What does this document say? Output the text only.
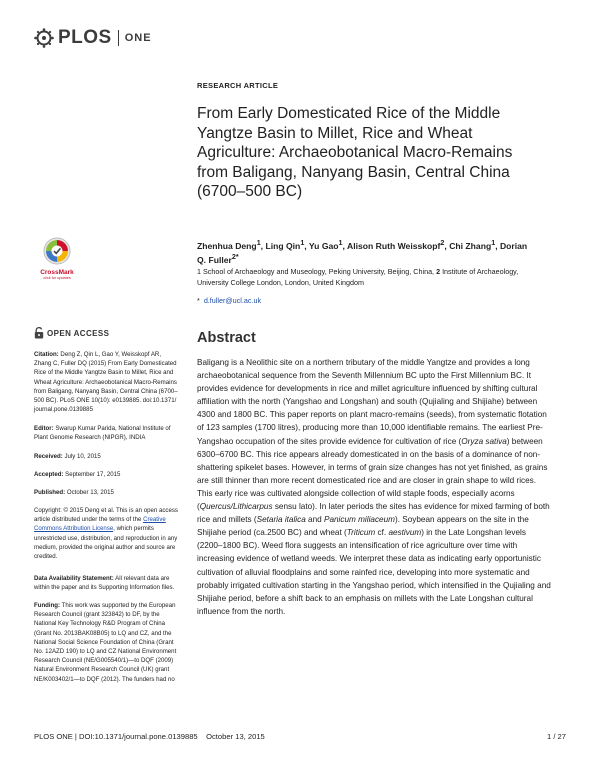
PLOS ONE
RESEARCH ARTICLE
From Early Domesticated Rice of the Middle Yangtze Basin to Millet, Rice and Wheat Agriculture: Archaeobotanical Macro-Remains from Baligang, Nanyang Basin, Central China (6700–500 BC)
Zhenhua Deng$^1$, Ling Qin$^1$, Yu Gao$^1$, Alison Ruth Weisskopf$^2$, Chi Zhang$^1$, Dorian Q. Fuller$^{2*}$
1 School of Archaeology and Museology, Peking University, Beijing, China, 2 Institute of Archaeology, University College London, London, United Kingdom
* d.fuller@ucl.ac.uk
CrossMark
click for updates
OPEN ACCESS
Citation: Deng Z, Qin L, Gao Y, Weisskopf AR, Zhang C, Fuller DQ (2015) From Early Domesticated Rice of the Middle Yangtze Basin to Millet, Rice and Wheat Agriculture: Archaeobotanical Macro-Remains from Baligang, Nanyang Basin, Central China (6700–500 BC). PLoS ONE 10(10): e0139885. doi:10.1371/ journal.pone.0139885
Editor: Swarup Kumar Parida, National Institute of Plant Genome Research (NIPGR), INDIA
Received: July 10, 2015
Accepted: September 17, 2015
Published: October 13, 2015
Copyright: © 2015 Deng et al. This is an open access article distributed under the terms of the Creative Commons Attribution License, which permits unrestricted use, distribution, and reproduction in any medium, provided the original author and source are credited.
Data Availability Statement: All relevant data are within the paper and its Supporting Information files.
Funding: This work was supported by the European Research Council (grant 323842) to DF, by the National Key Technology R&D Program of China (Grant No. 2013BAK08B05) to LQ and CZ, and the National Social Science Foundation of China (Grant No. 12AZD 190) to LQ and CZ National Environment Research Council (NE/G005540/1)—to DQF (2009) Natural Environment Research Council (UK) grant NE/K003402/1—to DQF (2012). The funders had no
Abstract

Baligang is a Neolithic site on a northern tributary of the middle Yangtze and provides a long archaeobotanical sequence from the Seventh Millennium BC upto the First Millennium BC. It provides evidence for developments in rice and millet agriculture influenced by shifting cultural affiliation with the north (Yangshao and Longshan) and south (Qujialing and Shijiahe) between 4300 and 1800 BC. This paper reports on plant macro-remains (seeds), from systematic flotation of 123 samples (1700 litres), producing more than 10,000 identifiable remains. The earliest Pre-Yangshao occupation of the sites provide evidence for cultivation of rice (Oryza sativa) between 6300–6700 BC. This rice appears already domesticated in on the basis of a dominance of non-shattering spikelet bases. However, in terms of grain size changes has not yet finished, as grains are still thinner than more recent domesticated rice and are closer in grain shape to wild rices. This early rice was cultivated alongside collection of wild staple foods, especially acorns (Quercus/Lithicarpus sensu lato). In later periods the sites has evidence for mixed farming of both rice and millets (Setaria italica and Panicum miliaceum). Soybean appears on the site in the Shijiahe period (ca.2500 BC) and wheat (Triticum cf. aestivum) in the Late Longshan levels (2200–1800 BC). Weed flora suggests an intensification of rice agriculture over time with increasing evidence of wetland weeds. We interpret these data as indicating early opportunistic cultivation of alluvial floodplains and some rainfed rice, developing into more systematic and probably irrigated cultivation starting in the Yangshao period, which intensified in the Qujialing and Shijiahe period, before a shift back to an emphasis on millets with the Late Longshan cultural influence from the north.

PLOS ONE | DOI:10.1371/journal.pone.0139885    October 13, 2015	1 / 27
